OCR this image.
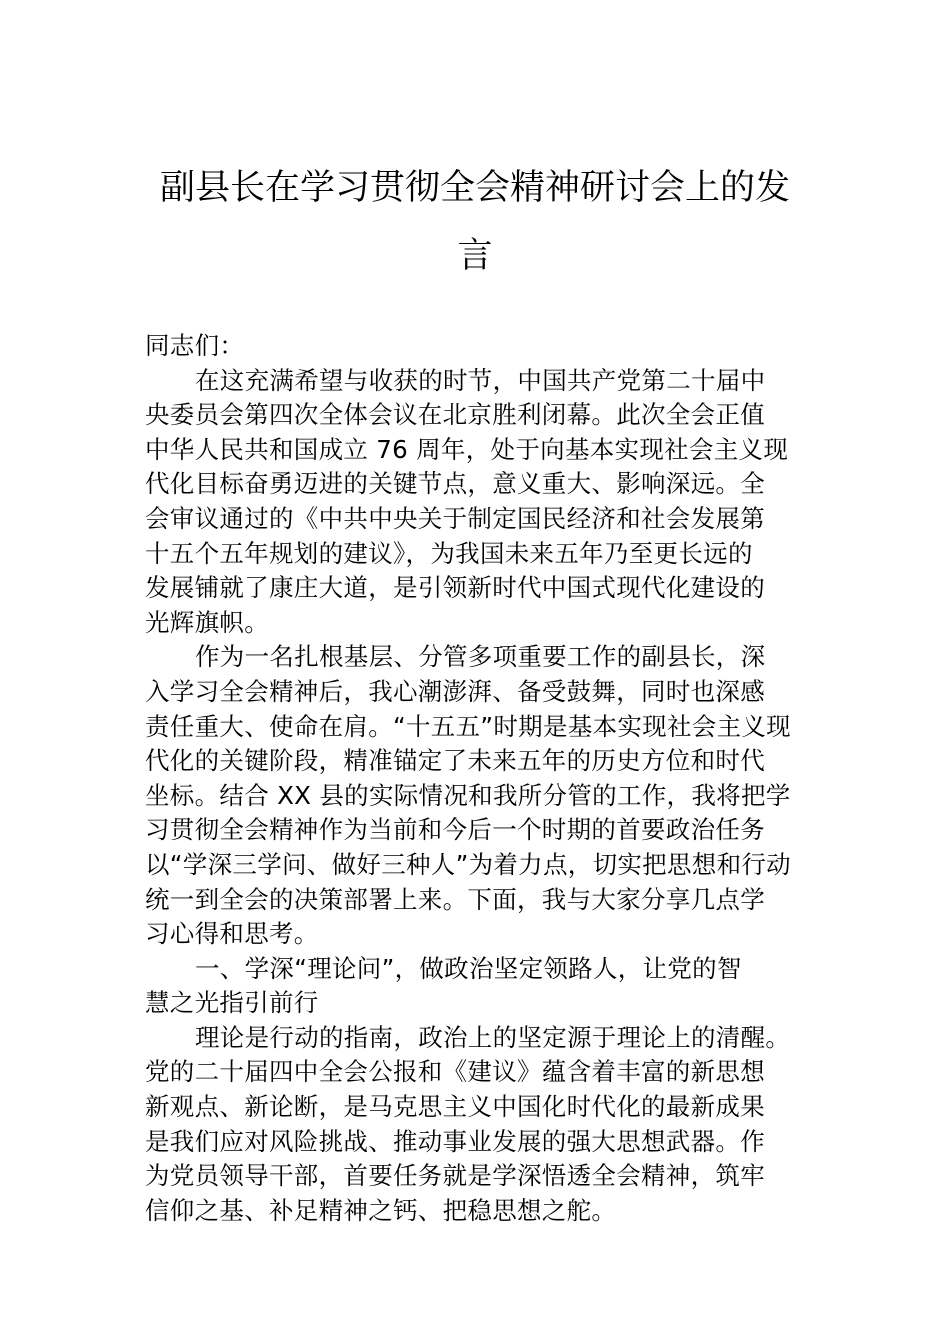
副县长在学习贯彻全会精神研讨会上的发
言
同志们：
在这充满希望与收获的时节，中国共产党第二十届中
央委员会第四次全体会议在北京胜利闭幕。此次全会正值
中华人民共和国成立 76 周年，处于向基本实现社会主义现
代化目标奋勇迈进的关键节点，意义重大、影响深远。全
会审议通过的《中共中央关于制定国民经济和社会发展第
十五个五年规划的建议》，为我国未来五年乃至更长远的
发展铺就了康庄大道，是引领新时代中国式现代化建设的
光辉旗帜。
作为一名扎根基层、分管多项重要工作的副县长，深
入学习全会精神后，我心潮澎湃、备受鼓舞，同时也深感
责任重大、使命在肩。“十五五”时期是基本实现社会主义现
代化的关键阶段，精准锚定了未来五年的历史方位和时代
坐标。结合 XX 县的实际情况和我所分管的工作，我将把学
习贯彻全会精神作为当前和今后一个时期的首要政治任务
以“学深三学问、做好三种人”为着力点，切实把思想和行动
统一到全会的决策部署上来。下面，我与大家分享几点学
习心得和思考。
一、学深“理论问”，做政治坚定领路人，让党的智
慧之光指引前行
理论是行动的指南，政治上的坚定源于理论上的清醒。
党的二十届四中全会公报和《建议》蕴含着丰富的新思想
新观点、新论断，是马克思主义中国化时代化的最新成果
是我们应对风险挑战、推动事业发展的强大思想武器。作
为党员领导干部，首要任务就是学深悟透全会精神，筑牢
信仰之基、补足精神之钙、把稳思想之舵。
